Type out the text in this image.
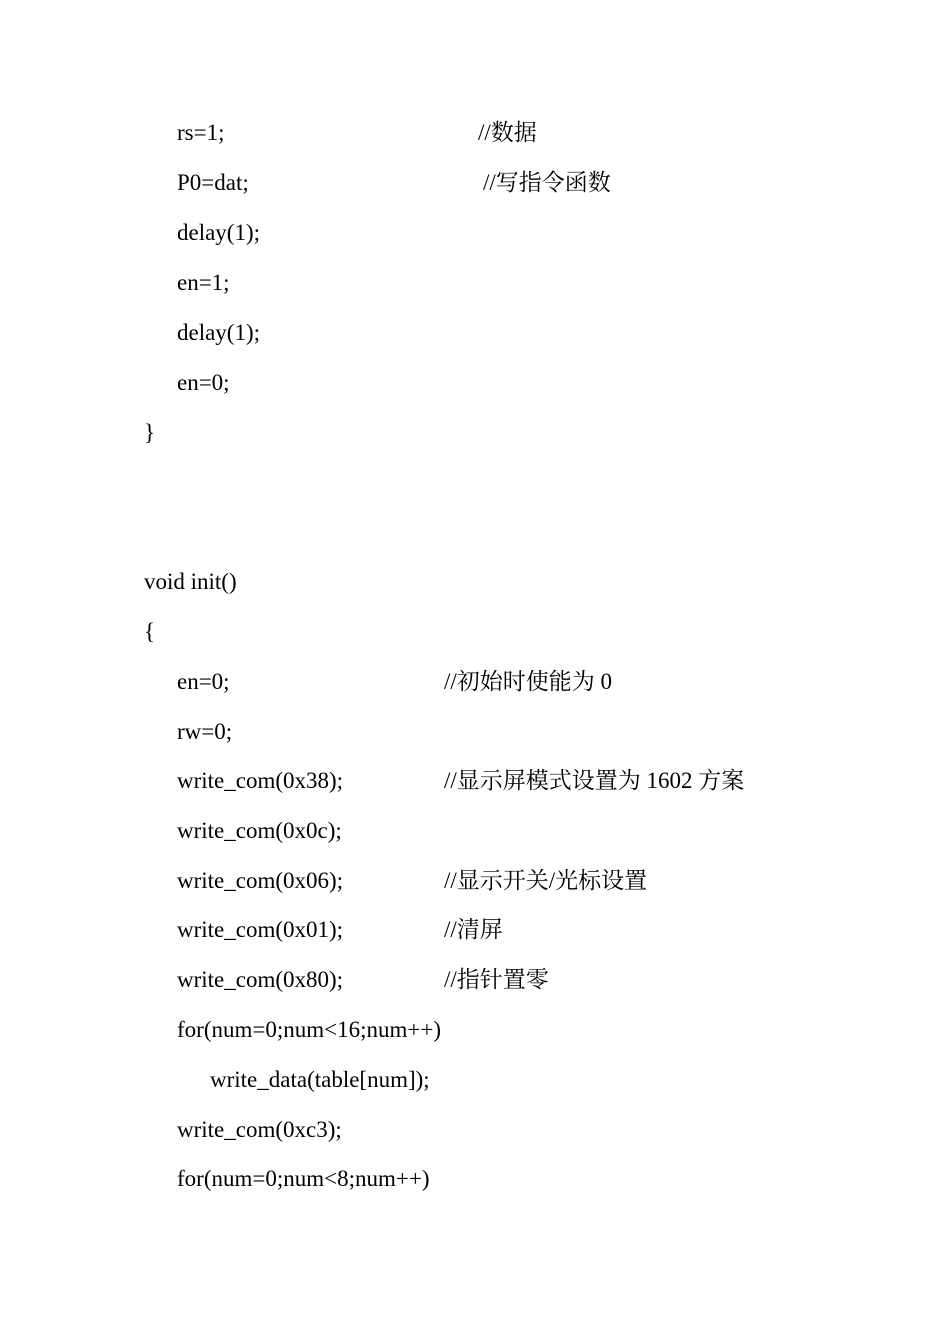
rs=1;	//数据
P0=dat;	//写指令函数
delay(1);
en=1;
delay(1);
en=0;
}
void init()
{
en=0;	//初始时使能为 0
rw=0;
write_com(0x38);	//显示屏模式设置为 1602 方案
write_com(0x0c);
write_com(0x06);	//显示开关/光标设置
write_com(0x01);	//清屏
write_com(0x80);	//指针置零
for(num=0;num<16;num++)
write_data(table[num]);
write_com(0xc3);
for(num=0;num<8;num++)
